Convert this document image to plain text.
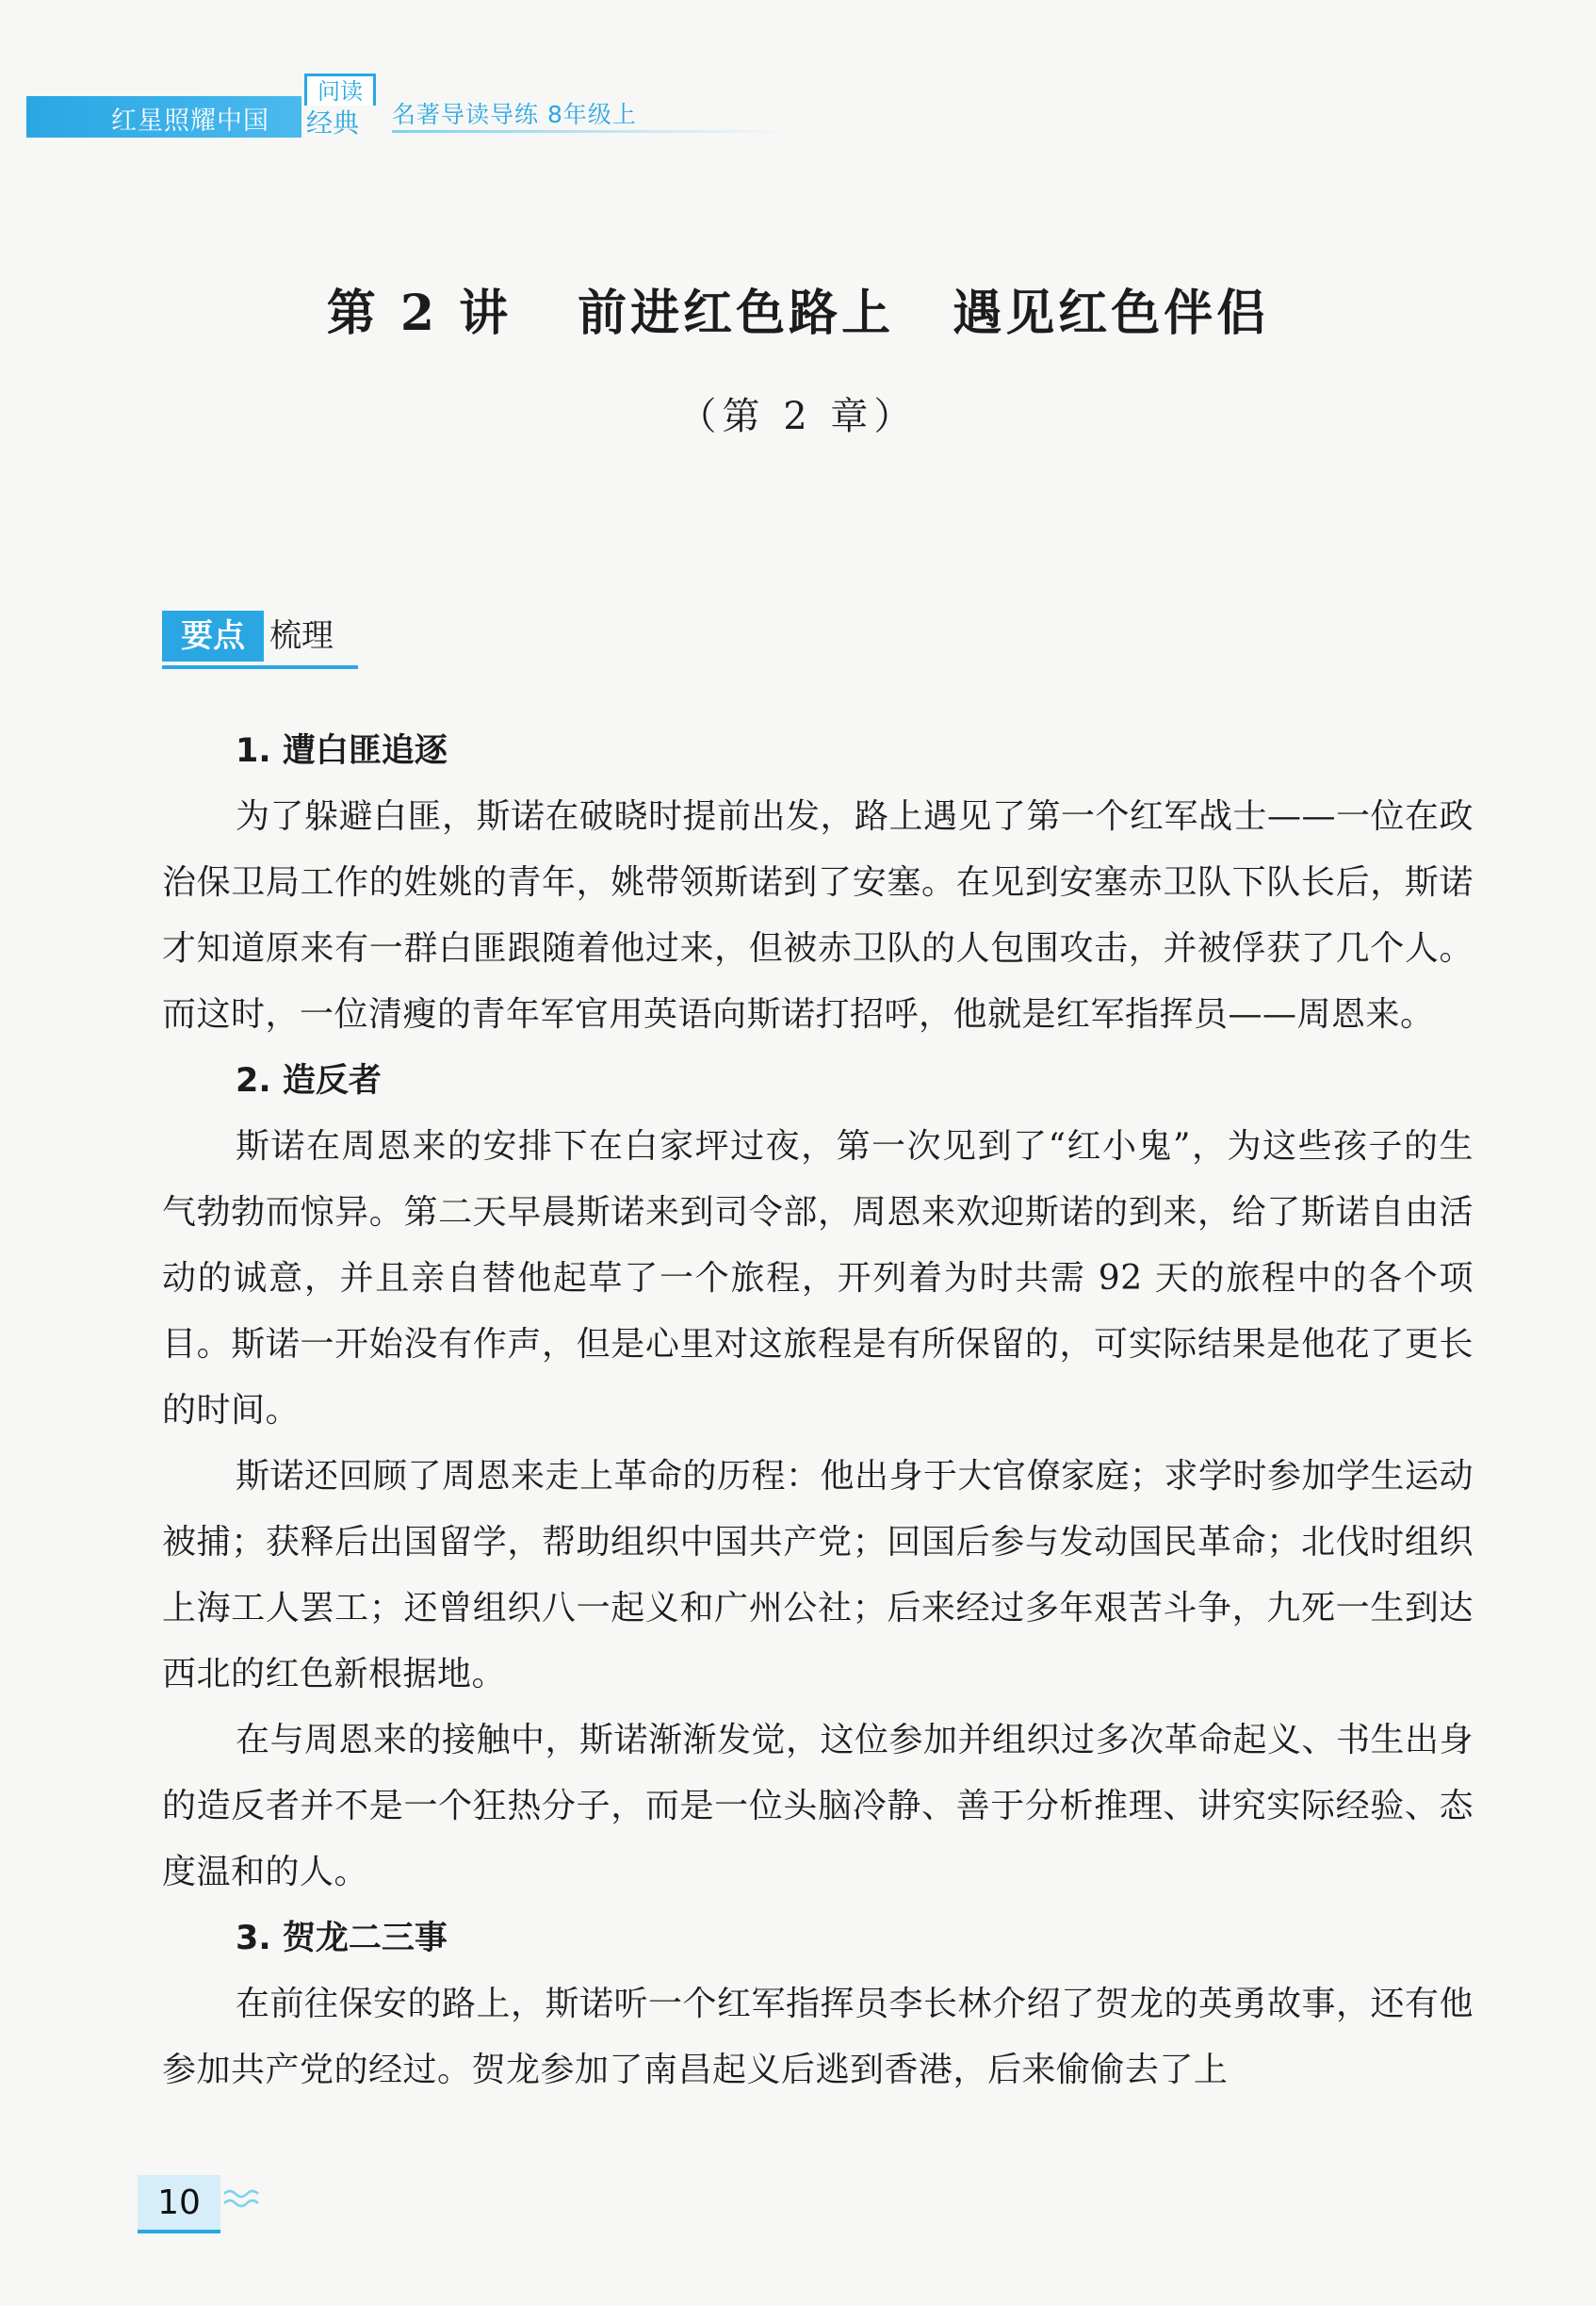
红星照耀中国
问读
经典	名著导读导练 8年级上
第 2 讲 前进红色路上 遇见红色伴侣
（第 2 章）
要点 梳理
1. 遭白匪追逐

为了躲避白匪，斯诺在破晓时提前出发，路上遇见了第一个红军战士——一位在政治保卫局工作的姓姚的青年，姚带领斯诺到了安塞。在见到安塞赤卫队下队长后，斯诺才知道原来有一群白匪跟随着他过来，但被赤卫队的人包围攻击，并被俘获了几个人。而这时，一位清瘦的青年军官用英语向斯诺打招呼，他就是红军指挥员——周恩来。

2. 造反者

斯诺在周恩来的安排下在白家坪过夜，第一次见到了“红小鬼”，为这些孩子的生气勃勃而惊异。第二天早晨斯诺来到司令部，周恩来欢迎斯诺的到来，给了斯诺自由活动的诚意，并且亲自替他起草了一个旅程，开列着为时共需 92 天的旅程中的各个项目。斯诺一开始没有作声，但是心里对这旅程是有所保留的，可实际结果是他花了更长的时间。

斯诺还回顾了周恩来走上革命的历程：他出身于大官僚家庭；求学时参加学生运动被捕；获释后出国留学，帮助组织中国共产党；回国后参与发动国民革命；北伐时组织上海工人罢工；还曾组织八一起义和广州公社；后来经过多年艰苦斗争，九死一生到达西北的红色新根据地。

在与周恩来的接触中，斯诺渐渐发觉，这位参加并组织过多次革命起义、书生出身的造反者并不是一个狂热分子，而是一位头脑冷静、善于分析推理、讲究实际经验、态度温和的人。

3. 贺龙二三事

在前往保安的路上，斯诺听一个红军指挥员李长林介绍了贺龙的英勇故事，还有他参加共产党的经过。贺龙参加了南昌起义后逃到香港，后来偷偷去了上

10
